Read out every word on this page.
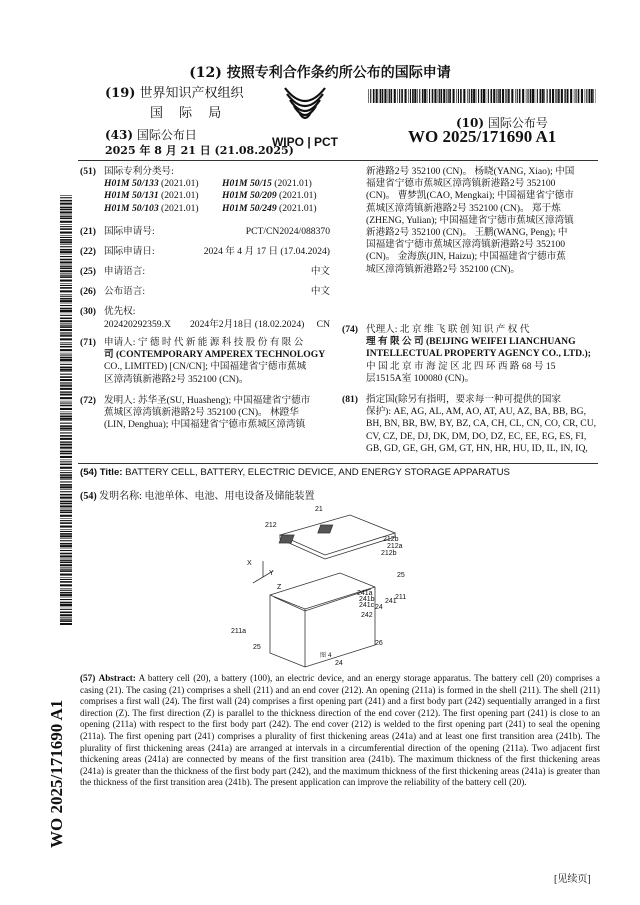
(12) 按照专利合作条约所公布的国际申请
(19) 世界知识产权组织
国 际 局
(43) 国际公布日
2025 年 8 月 21 日 (21.08.2025)
WIPO | PCT
(10) 国际公布号
WO 2025/171690 A1
(51) 国际专利分类号:
H01M 50/133 (2021.01)	H01M 50/15 (2021.01)
H01M 50/131 (2021.01)	H01M 50/209 (2021.01)
H01M 50/103 (2021.01)	H01M 50/249 (2021.01)
(21) 国际申请号:	PCT/CN2024/088370
(22) 国际申请日:	2024 年 4 月 17 日 (17.04.2024)
(25) 申请语言:	中文
(26) 公布语言:	中文
(30) 优先权:
202420292359.X 2024年2月18日 (18.02.2024) CN
(71) 申请人: 宁 德 时 代 新 能 源 科 技 股 份 有 限 公
司 (CONTEMPORARY AMPEREX TECHNOLOGY
CO., LIMITED) [CN/CN]; 中国福建省宁德市蕉城
区漳湾镇新港路2号 352100 (CN)。
(72) 发明人: 苏华圣(SU, Huasheng); 中国福建省宁德市
蕉城区漳湾镇新港路2号 352100 (CN)。 林蹬华
(LIN, Denghua); 中国福建省宁德市蕉城区漳湾镇
新港路2号 352100 (CN)。 杨晓(YANG, Xiao); 中国
福建省宁德市蕉城区漳湾镇新港路2号 352100
(CN)。 曹梦凯(CAO, Mengkai); 中国福建省宁德市
蕉城区漳湾镇新港路2号 352100 (CN)。 郑于炼
(ZHENG, Yulian); 中国福建省宁德市蕉城区漳湾镇
新港路2号 352100 (CN)。 王鹏(WANG, Peng); 中
国福建省宁德市蕉城区漳湾镇新港路2号 352100
(CN)。 金海族(JIN, Haizu); 中国福建省宁德市蕉
城区漳湾镇新港路2号 352100 (CN)。
(74) 代理人: 北 京 维 飞 联 创 知 识 产 权 代
理 有 限 公 司 (BEIJING WEIFEI LIANCHUANG
INTELLECTUAL PROPERTY AGENCY CO., LTD.);
中 国 北 京 市 海 淀 区 北 四 环 西 路 68 号 15
层1515A室 100080 (CN)。
(81) 指定国(除另有指明，要求每一种可提供的国家
保护): AE, AG, AL, AM, AO, AT, AU, AZ, BA, BB, BG,
BH, BN, BR, BW, BY, BZ, CA, CH, CL, CN, CO, CR, CU,
CV, CZ, DE, DJ, DK, DM, DO, DZ, EC, EE, EG, ES, FI,
GB, GD, GE, GH, GM, GT, HN, HR, HU, ID, IL, IN, IQ,
(54) Title: BATTERY CELL, BATTERY, ELECTRIC DEVICE, AND ENERGY STORAGE APPARATUS
(54) 发明名称: 电池单体、电池、用电设备及储能装置
21
212
212b
212a
212b
25
X
Y
Z
241a
241b
241c
241
24
211
242
211a
25
26
24
图 4
(57) Abstract: A battery cell (20), a battery (100), an electric device, and an energy storage apparatus. The battery cell (20) comprises a casing (21). The casing (21) comprises a shell (211) and an end cover (212). An opening (211a) is formed in the shell (211). The shell (211) comprises a first wall (24). The first wall (24) comprises a first opening part (241) and a first body part (242) sequentially arranged in a first direction (Z). The first direction (Z) is parallel to the thickness direction of the end cover (212). The first opening part (241) is close to an opening (211a) with respect to the first body part (242). The end cover (212) is welded to the first opening part (241) to seal the opening (211a). The first opening part (241) comprises a plurality of first thickening areas (241a) and at least one first transition area (241b). The plurality of first thickening areas (241a) are arranged at intervals in a circumferential direction of the opening (211a). Two adjacent first thickening areas (241a) are connected by means of the first transition area (241b). The maximum thickness of the first thickening areas (241a) is greater than the thickness of the first body part (242), and the maximum thickness of the first thickening areas (241a) is greater than the thickness of the first transition area (241b). The present application can improve the reliability of the battery cell (20).
WO 2025/171690 A1
[见续页]
